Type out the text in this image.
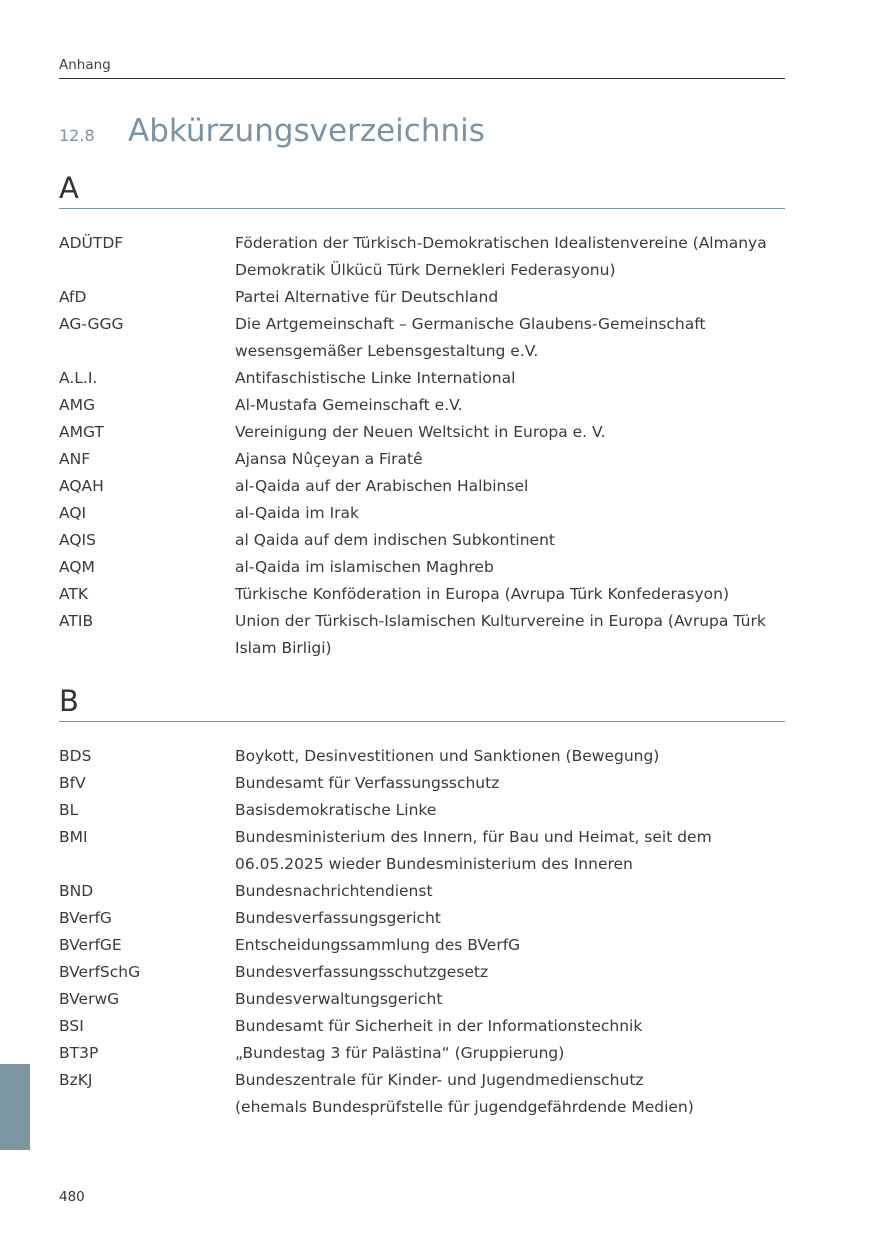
Anhang
12.8 Abkürzungsverzeichnis
A
ADÜTDF	Föderation der Türkisch-Demokratischen Idealistenvereine (Almanya
Demokratik Ülkücü Türk Dernekleri Federasyonu)
AfD	Partei Alternative für Deutschland
AG-GGG	Die Artgemeinschaft – Germanische Glaubens-Gemeinschaft
wesensgemäßer Lebensgestaltung e.V.
A.L.I.	Antifaschistische Linke International
AMG	Al-Mustafa Gemeinschaft e.V.
AMGT	Vereinigung der Neuen Weltsicht in Europa e. V.
ANF	Ajansa Nûçeyan a Firatê
AQAH	al-Qaida auf der Arabischen Halbinsel
AQI	al-Qaida im Irak
AQIS	al Qaida auf dem indischen Subkontinent
AQM	al-Qaida im islamischen Maghreb
ATK	Türkische Konföderation in Europa (Avrupa Türk Konfederasyon)
ATIB	Union der Türkisch-Islamischen Kulturvereine in Europa (Avrupa Türk
Islam Birligi)
B
BDS	Boykott, Desinvestitionen und Sanktionen (Bewegung)
BfV	Bundesamt für Verfassungsschutz
BL	Basisdemokratische Linke
BMI	Bundesministerium des Innern, für Bau und Heimat, seit dem
06.05.2025 wieder Bundesministerium des Inneren
BND	Bundesnachrichtendienst
BVerfG	Bundesverfassungsgericht
BVerfGE	Entscheidungssammlung des BVerfG
BVerfSchG	Bundesverfassungsschutzgesetz
BVerwG	Bundesverwaltungsgericht
BSI	Bundesamt für Sicherheit in der Informationstechnik
BT3P	„Bundestag 3 für Palästina“ (Gruppierung)
BzKJ	Bundeszentrale für Kinder- und Jugendmedienschutz
(ehemals Bundesprüfstelle für jugendgefährdende Medien)
480
